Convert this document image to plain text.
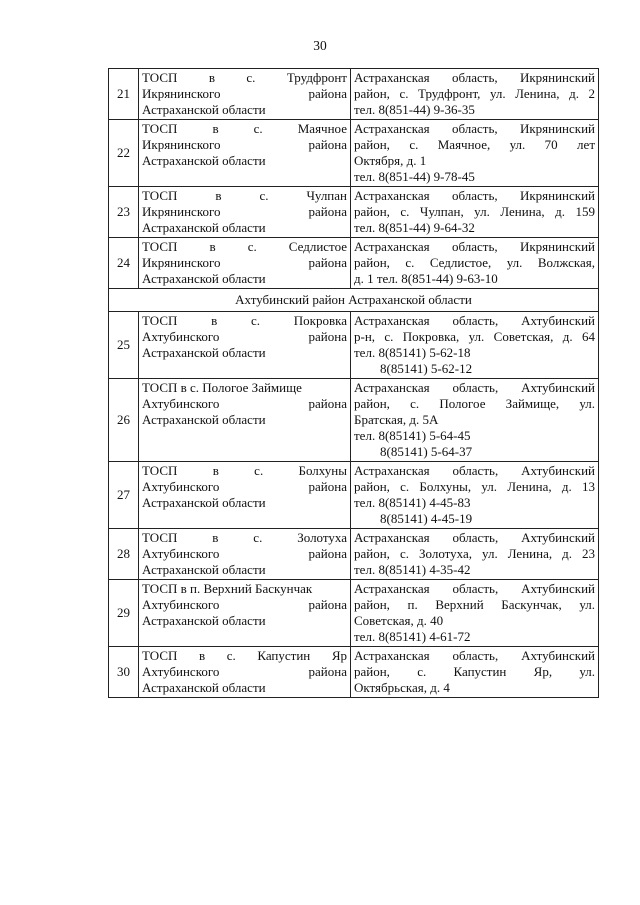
30
21	ТОСП в с. Трудфронт
Икрянинского района
Астраханской области	Астраханская область, Икрянинский
район, с. Трудфронт, ул. Ленина, д. 2
тел. 8(851-44) 9-36-35

22	ТОСП в с. Маячное
Икрянинского района
Астраханской области	Астраханская область, Икрянинский
район, с. Маячное, ул. 70 лет
Октября, д. 1
тел. 8(851-44) 9-78-45

23	ТОСП в с. Чулпан
Икрянинского района
Астраханской области	Астраханская область, Икрянинский
район, с. Чулпан, ул. Ленина, д. 159
тел. 8(851-44) 9-64-32

24	ТОСП в с. Седлистое
Икрянинского района
Астраханской области	Астраханская область, Икрянинский
район, с. Седлистое, ул. Волжская,
д. 1 тел. 8(851-44) 9-63-10

Ахтубинский район Астраханской области		
25	ТОСП в с. Покровка
Ахтубинского района
Астраханской области	Астраханская область, Ахтубинский
р-н, с. Покровка, ул. Советская, д. 64
тел. 8(85141) 5-62-18
8(85141) 5-62-12

26	ТОСП в с. Пологое Займище
Ахтубинского района
Астраханской области	Астраханская область, Ахтубинский
район, с. Пологое Займище, ул.
Братская, д. 5А
тел. 8(85141) 5-64-45
8(85141) 5-64-37

27	ТОСП в с. Болхуны
Ахтубинского района
Астраханской области	Астраханская область, Ахтубинский
район, с. Болхуны, ул. Ленина, д. 13
тел. 8(85141) 4-45-83
8(85141) 4-45-19

28	ТОСП в с. Золотуха
Ахтубинского района
Астраханской области	Астраханская область, Ахтубинский
район, с. Золотуха, ул. Ленина, д. 23
тел. 8(85141) 4-35-42

29	ТОСП в п. Верхний Баскунчак
Ахтубинского района
Астраханской области	Астраханская область, Ахтубинский
район, п. Верхний Баскунчак, ул.
Советская, д. 40
тел. 8(85141) 4-61-72

30	ТОСП в с. Капустин Яр
Ахтубинского района
Астраханской области	Астраханская область, Ахтубинский
район, с. Капустин Яр, ул.
Октябрьская, д. 4
